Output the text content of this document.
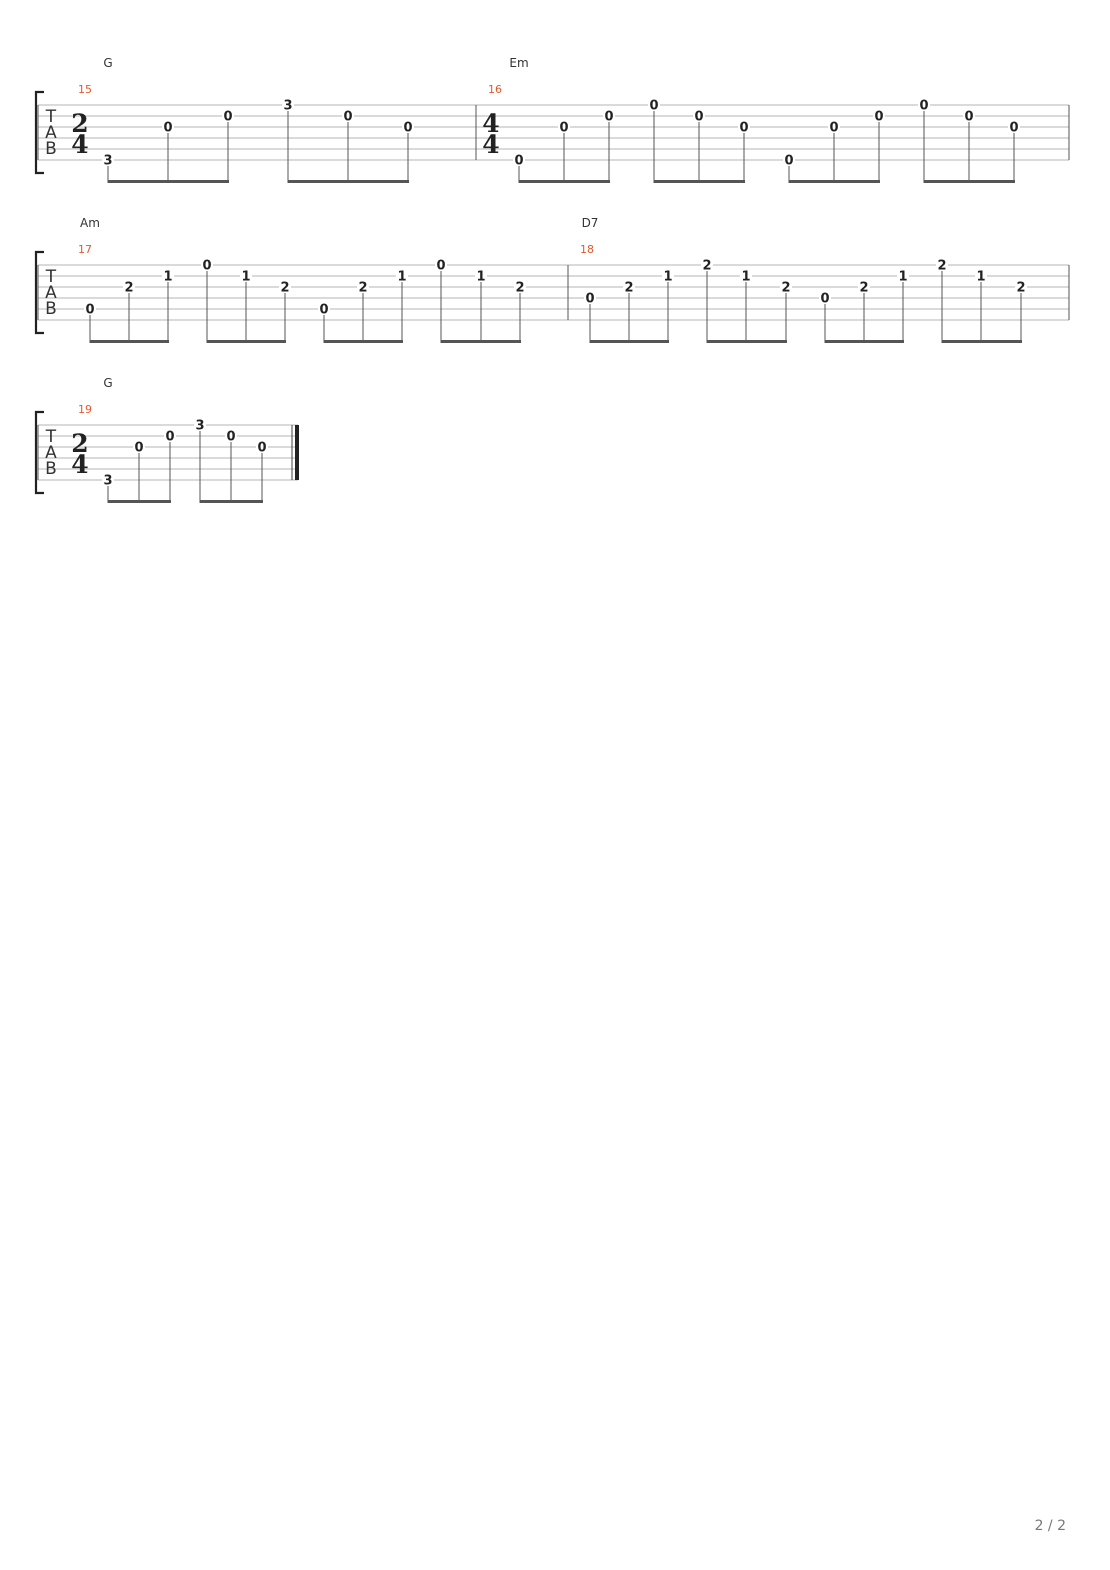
T
A
B
G
15
2
4
3
0
0
3
0
0
Em
16
4
4
0
0
0
0
0
0
0
0
0
0
0
0
T
A
B
Am
17
0
2
1
0
1
2
0
2
1
0
1
2
D7
18
0
2
1
2
1
2
0
2
1
2
1
2
T
A
B
G
19
2
4
3
0
0
3
0
0
2 / 2
